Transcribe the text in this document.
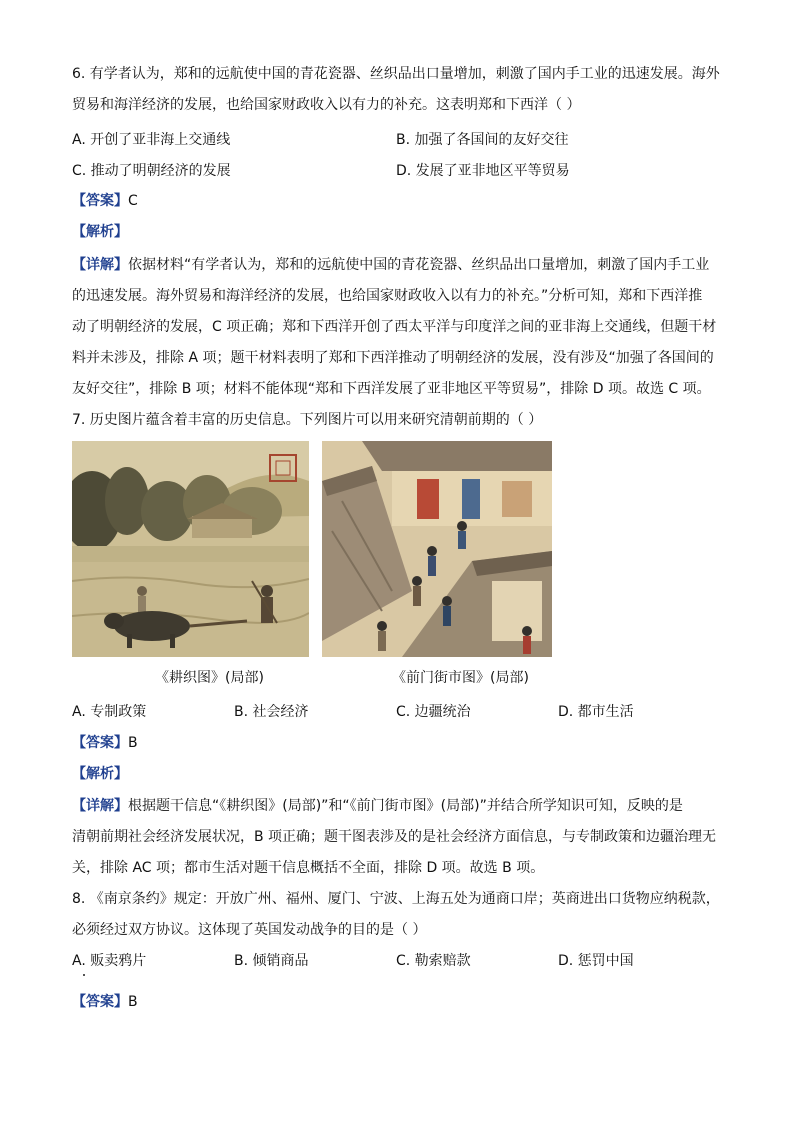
6. 有学者认为，郑和的远航使中国的青花瓷器、丝织品出口量增加，刺激了国内手工业的迅速发展。海外
贸易和海洋经济的发展，也给国家财政收入以有力的补充。这表明郑和下西洋（ ）
A. 开创了亚非海上交通线	B. 加强了各国间的友好交往
C. 推动了明朝经济的发展	D. 发展了亚非地区平等贸易
【答案】C
【解析】
【详解】依据材料“有学者认为，郑和的远航使中国的青花瓷器、丝织品出口量增加，刺激了国内手工业
的迅速发展。海外贸易和海洋经济的发展，也给国家财政收入以有力的补充。”分析可知，郑和下西洋推
动了明朝经济的发展，C 项正确；郑和下西洋开创了西太平洋与印度洋之间的亚非海上交通线，但题干材
料并未涉及，排除 A 项；题干材料表明了郑和下西洋推动了明朝经济的发展，没有涉及“加强了各国间的
友好交往”，排除 B 项；材料不能体现“郑和下西洋发展了亚非地区平等贸易”，排除 D 项。故选 C 项。
7. 历史图片蕴含着丰富的历史信息。下列图片可以用来研究清朝前期的（ ）
《耕织图》(局部)	《前门街市图》(局部)
A. 专制政策	B. 社会经济	C. 边疆统治	D. 都市生活
【答案】B
【解析】
【详解】根据题干信息“《耕织图》(局部)”和“《前门街市图》(局部)”并结合所学知识可知，反映的是
清朝前期社会经济发展状况，B 项正确；题干图表涉及的是社会经济方面信息，与专制政策和边疆治理无
关，排除 AC 项；都市生活对题干信息概括不全面，排除 D 项。故选 B 项。
8. 《南京条约》规定：开放广州、福州、厦门、宁波、上海五处为通商口岸；英商进出口货物应纳税款，
必须经过双方协议。这体现了英国发动战争的目的是（ ）
A. 贩卖鸦片	B. 倾销商品	C. 勒索赔款	D. 惩罚中国
【答案】B
